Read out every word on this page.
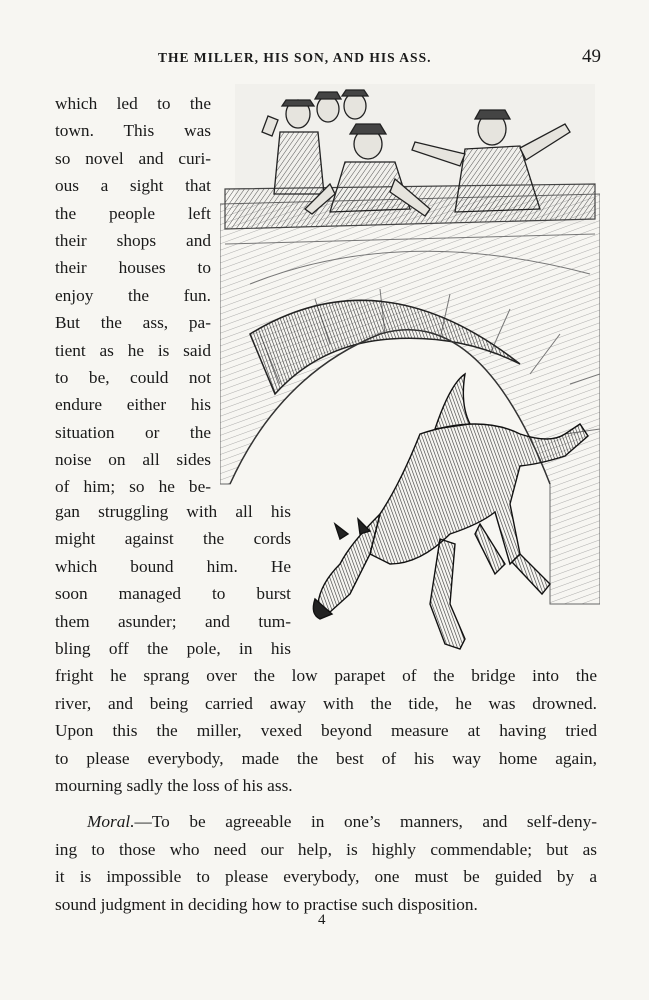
THE MILLER, HIS SON, AND HIS ASS.	49
which led to the
town. This was
so novel and curi-
ous a sight that
the people left
their shops and
their houses to
enjoy the fun.
But the ass, pa-
tient as he is said
to be, could not
endure either his
situation or the
noise on all sides
of him; so he be-
gan struggling with all his
might against the cords
which bound him. He
soon managed to burst
them asunder; and tum-
bling off the pole, in his
fright he sprang over the low parapet of the bridge into the
river, and being carried away with the tide, he was drowned.
Upon this the miller, vexed beyond measure at having tried
to please everybody, made the best of his way home again,
mourning sadly the loss of his ass.
Moral.—To be agreeable in one’s manners, and self-deny-
ing to those who need our help, is highly commendable; but as
it is impossible to please everybody, one must be guided by a
sound judgment in deciding how to practise such disposition.
4
